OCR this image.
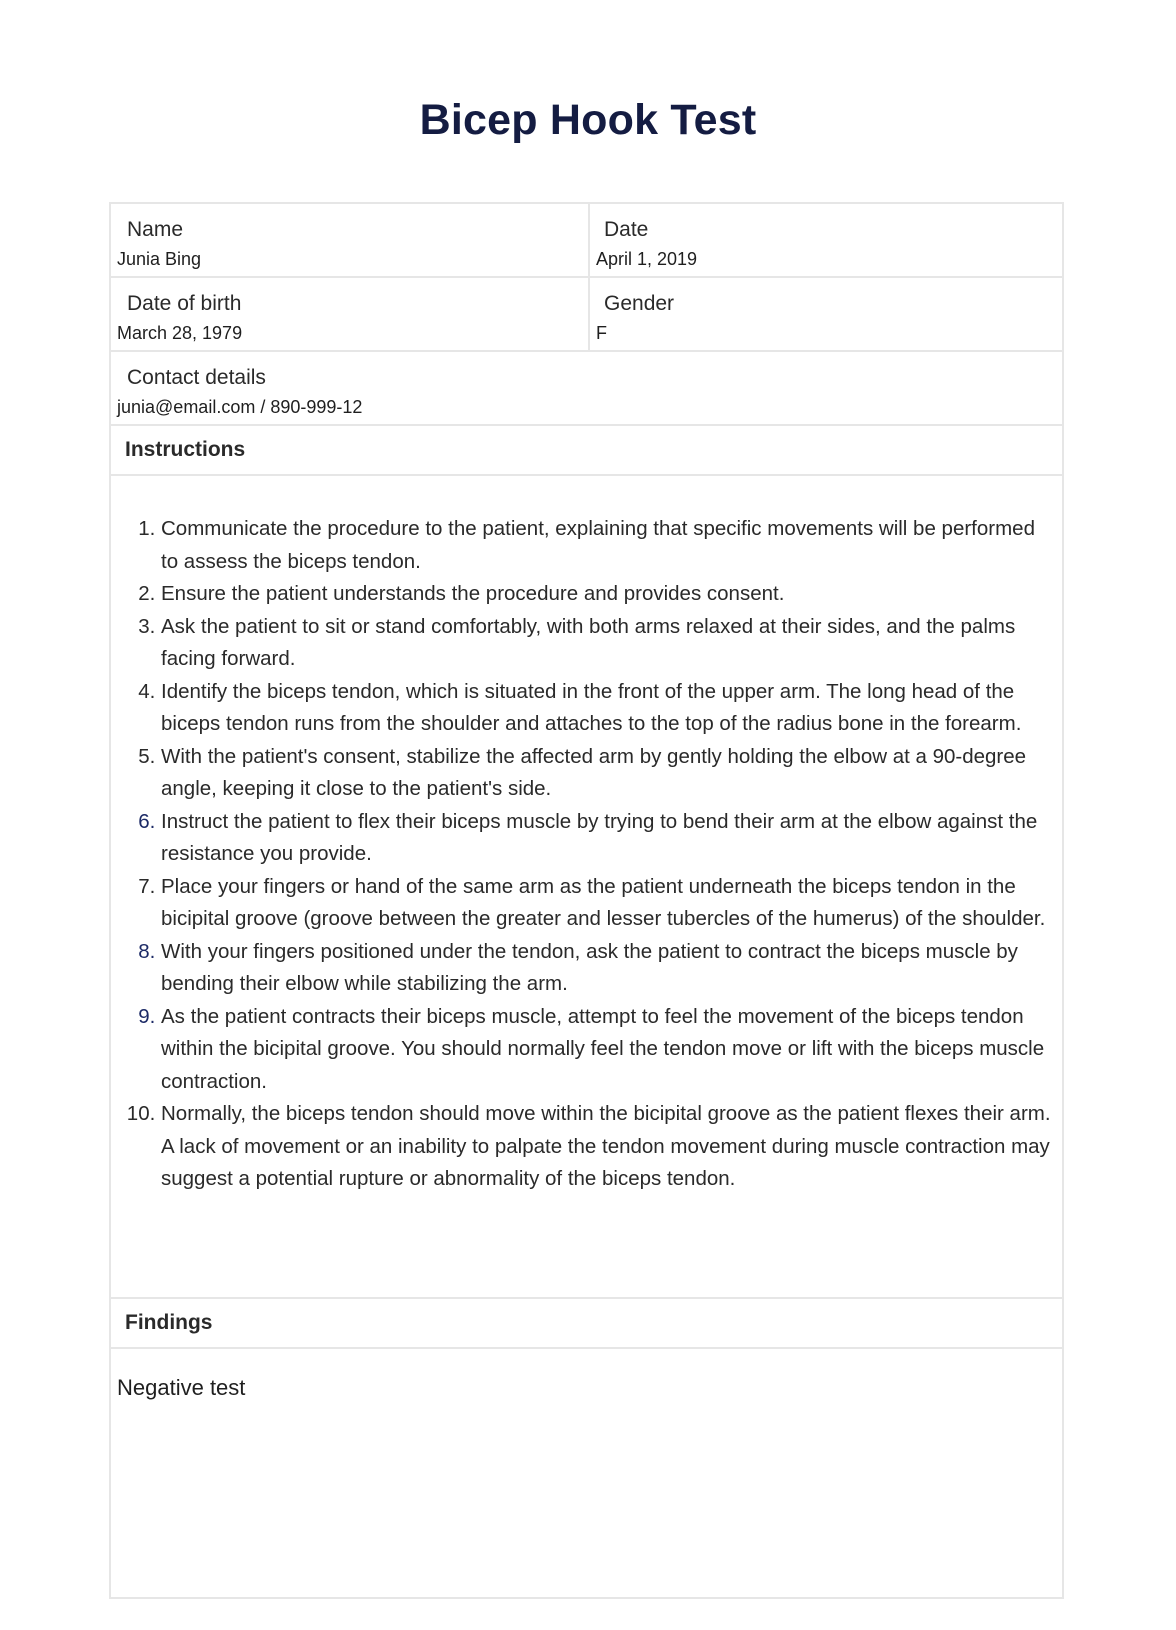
Bicep Hook Test
Name
Junia Bing
Date
April 1, 2019
Date of birth
March 28, 1979
Gender
F
Contact details
junia@email.com / 890-999-12
Instructions
1. Communicate the procedure to the patient, explaining that specific movements will be performed to assess the biceps tendon.
2. Ensure the patient understands the procedure and provides consent.
3. Ask the patient to sit or stand comfortably, with both arms relaxed at their sides, and the palms facing forward.
4. Identify the biceps tendon, which is situated in the front of the upper arm. The long head of the biceps tendon runs from the shoulder and attaches to the top of the radius bone in the forearm.
5. With the patient's consent, stabilize the affected arm by gently holding the elbow at a 90-degree angle, keeping it close to the patient's side.
6. Instruct the patient to flex their biceps muscle by trying to bend their arm at the elbow against the resistance you provide.
7. Place your fingers or hand of the same arm as the patient underneath the biceps tendon in the bicipital groove (groove between the greater and lesser tubercles of the humerus) of the shoulder.
8. With your fingers positioned under the tendon, ask the patient to contract the biceps muscle by bending their elbow while stabilizing the arm.
9. As the patient contracts their biceps muscle, attempt to feel the movement of the biceps tendon within the bicipital groove. You should normally feel the tendon move or lift with the biceps muscle contraction.
10. Normally, the biceps tendon should move within the bicipital groove as the patient flexes their arm. A lack of movement or an inability to palpate the tendon movement during muscle contraction may suggest a potential rupture or abnormality of the biceps tendon.
Findings
Negative test
